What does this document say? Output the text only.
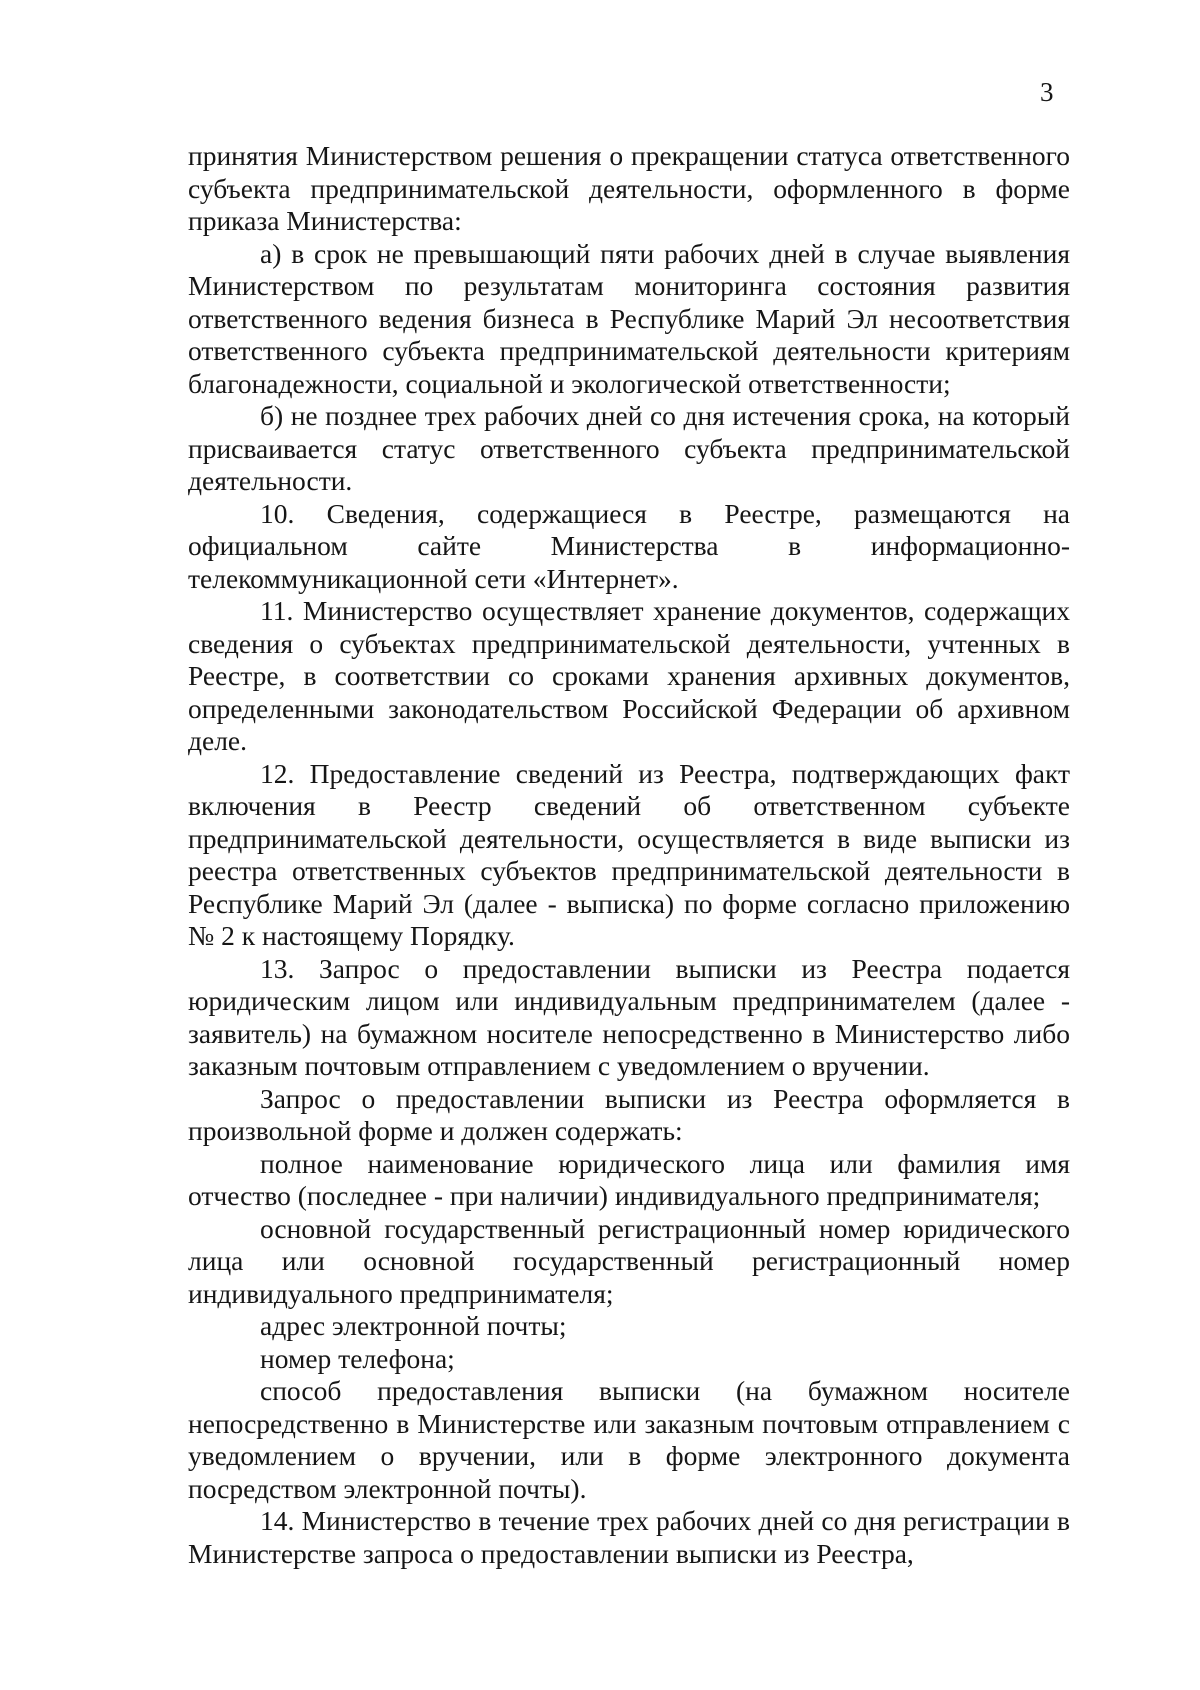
3

принятия Министерством решения о прекращении статуса ответственного субъекта предпринимательской деятельности, оформленного в форме приказа Министерства:

а) в срок не превышающий пяти рабочих дней в случае выявления Министерством по результатам мониторинга состояния развития ответственного ведения бизнеса в Республике Марий Эл несоответствия ответственного субъекта предпринимательской деятельности критериям благонадежности, социальной и экологической ответственности;

б) не позднее трех рабочих дней со дня истечения срока, на который присваивается статус ответственного субъекта предпринимательской деятельности.

10. Сведения, содержащиеся в Реестре, размещаются на официальном сайте Министерства в информационно-телекоммуникационной сети «Интернет».

11. Министерство осуществляет хранение документов, содержащих сведения о субъектах предпринимательской деятельности, учтенных в Реестре, в соответствии со сроками хранения архивных документов, определенными законодательством Российской Федерации об архивном деле.

12. Предоставление сведений из Реестра, подтверждающих факт включения в Реестр сведений об ответственном субъекте предпринимательской деятельности, осуществляется в виде выписки из реестра ответственных субъектов предпринимательской деятельности в Республике Марий Эл (далее - выписка) по форме согласно приложению № 2 к настоящему Порядку.

13. Запрос о предоставлении выписки из Реестра подается юридическим лицом или индивидуальным предпринимателем (далее - заявитель) на бумажном носителе непосредственно в Министерство либо заказным почтовым отправлением с уведомлением о вручении.

Запрос о предоставлении выписки из Реестра оформляется в произвольной форме и должен содержать:

полное наименование юридического лица или фамилия имя отчество (последнее - при наличии) индивидуального предпринимателя;

основной государственный регистрационный номер юридического лица или основной государственный регистрационный номер индивидуального предпринимателя;

адрес электронной почты;

номер телефона;

способ предоставления выписки (на бумажном носителе непосредственно в Министерстве или заказным почтовым отправлением с уведомлением о вручении, или в форме электронного документа посредством электронной почты).

14. Министерство в течение трех рабочих дней со дня регистрации в Министерстве запроса о предоставлении выписки из Реестра,
